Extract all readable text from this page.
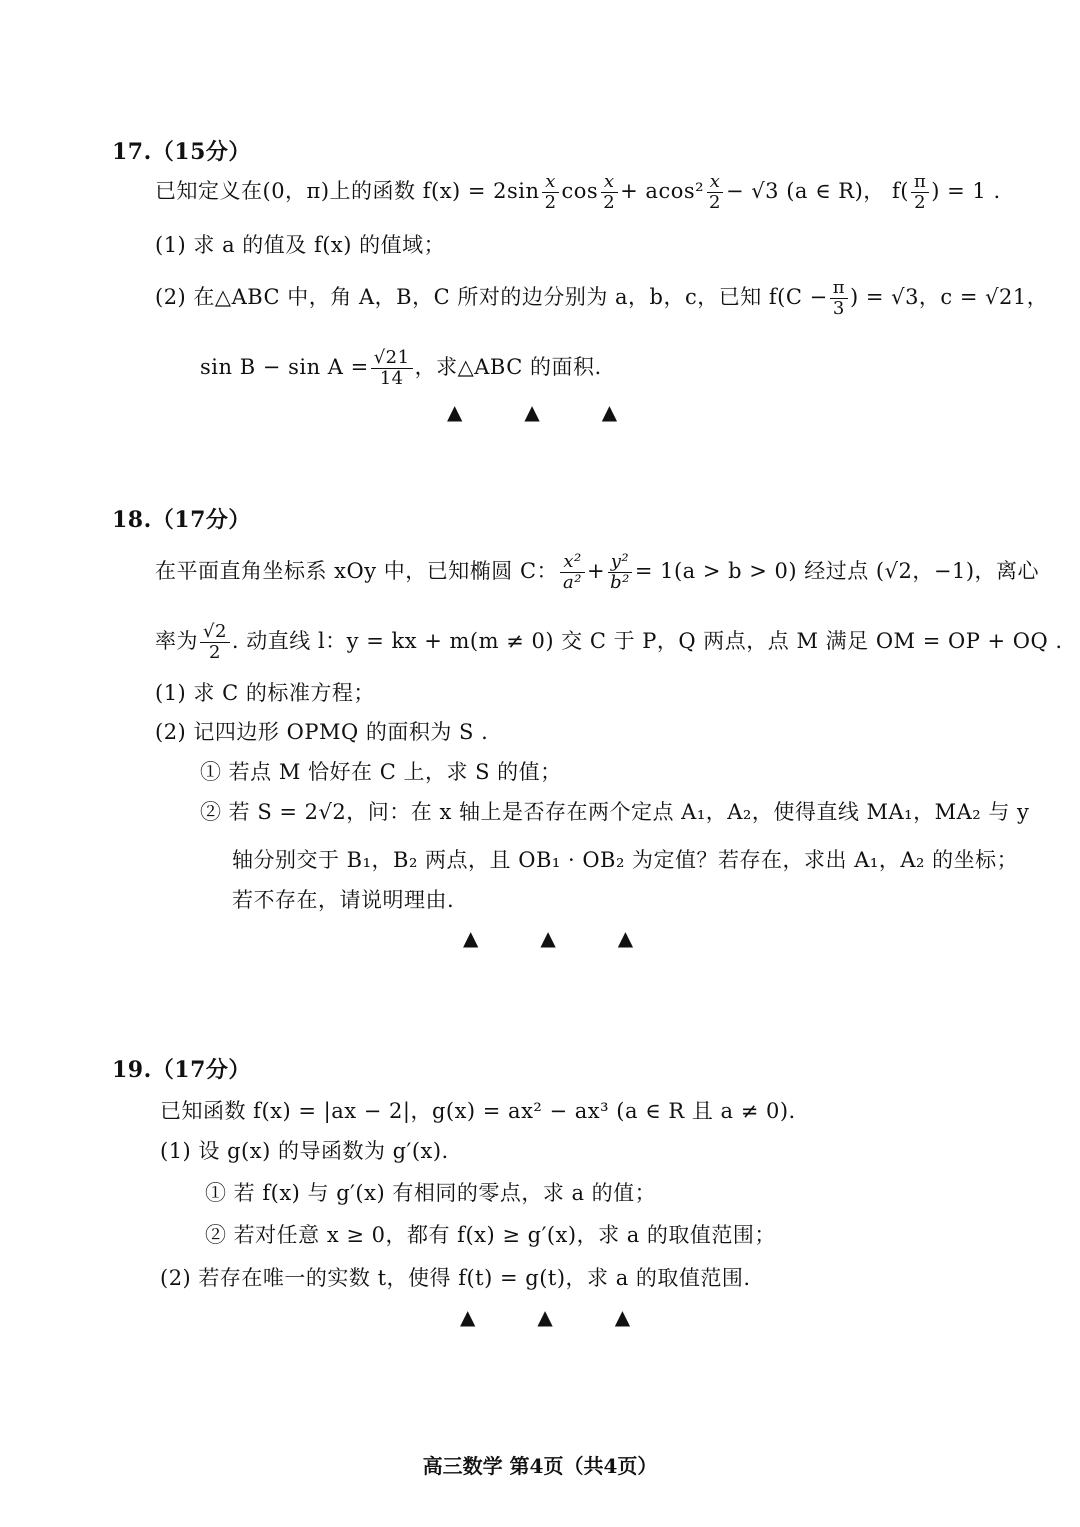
17.（15分）
已知定义在(0，π)上的函数 $f(x) = 2\sin \frac{x}{2}$ $\cos \frac{x}{2} + acos^2 \frac{x}{2} - √3$ (a ∈ R)， $f( \frac{\pi}{2}$ ) = 1 .
(1) 求 a 的值及 f(x) 的值域；
(2) 在△ABC 中，角 A，B，C 所对的边分别为 a，b，c，已知 $f(C - \frac{\pi}{3}$ ) = √3，c = √21，
$\sin B - \sin A = \frac{√21}{14}$ ，求△ABC 的面积.
▲	▲	▲
18.（17分）
在平面直角坐标系 xOy 中，已知椭圆 C： $\frac{\text{x²}}{\text{a²}} + \frac{\text{y²}}{\text{b²}} = 1(a > b > 0)$ 经过点 (√2，−1)，离心
率为 $\frac{√2}{2}$ . 动直线 l：y = kx + m(m ≠ 0) 交 C 于 P，Q 两点，点 M 满足 OM = OP + OQ .
(1) 求 C 的标准方程；
(2) 记四边形 OPMQ 的面积为 S .
① 若点 M 恰好在 C 上，求 S 的值；
② 若 S = 2√2，问：在 x 轴上是否存在两个定点 A₁，A₂，使得直线 MA₁，MA₂ 与 y
轴分别交于 B₁，B₂ 两点，且 OB₁ · OB₂ 为定值？若存在，求出 A₁，A₂ 的坐标；
若不存在，请说明理由.
▲	▲	▲
19.（17分）
已知函数 f(x) = |ax − 2|，g(x) = ax² − ax³ (a ∈ R 且 a ≠ 0).
(1) 设 g(x) 的导函数为 g′(x).
① 若 f(x) 与 g′(x) 有相同的零点，求 a 的值；
② 若对任意 x ≥ 0，都有 f(x) ≥ g′(x)，求 a 的取值范围；
(2) 若存在唯一的实数 t，使得 f(t) = g(t)，求 a 的取值范围.
▲	▲	▲
高三数学 第4页（共4页）
